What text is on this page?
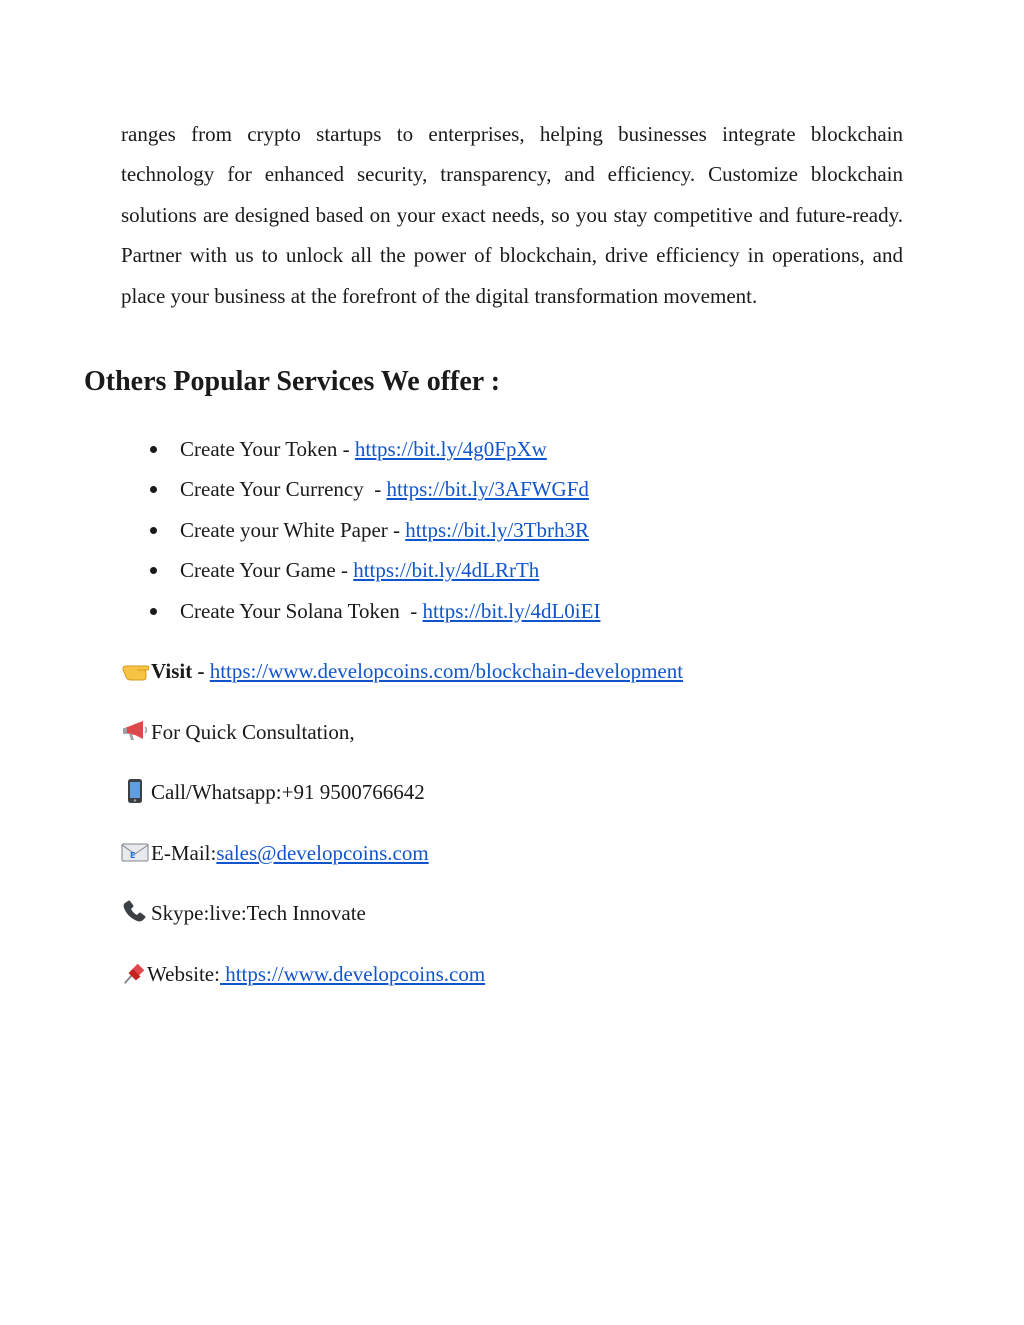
ranges from crypto startups to enterprises, helping businesses integrate blockchain technology for enhanced security, transparency, and efficiency. Customize blockchain solutions are designed based on your exact needs, so you stay competitive and future-ready. Partner with us to unlock all the power of blockchain, drive efficiency in operations, and place your business at the forefront of the digital transformation movement.

Others Popular Services We offer :
Create Your Token - https://bit.ly/4g0FpXw
Create Your Currency  - https://bit.ly/3AFWGFd
Create your White Paper - https://bit.ly/3Tbrh3R
Create Your Game - https://bit.ly/4dLRrTh
Create Your Solana Token  - https://bit.ly/4dL0iEI

Visit - https://www.developcoins.com/blockchain-development

For Quick Consultation,

Call/Whatsapp:+91 9500766642

E E-Mail:sales@developcoins.com

Skype:live:Tech Innovate

Website: https://www.developcoins.com
